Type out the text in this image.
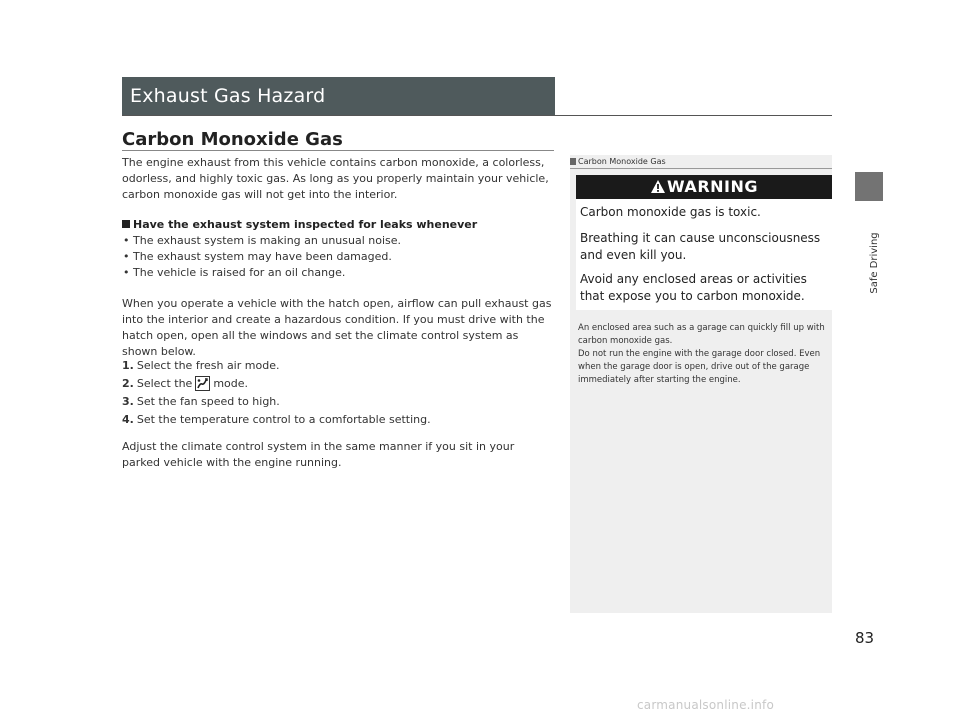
Exhaust Gas Hazard
Safe Driving
83
Carbon Monoxide Gas

The engine exhaust from this vehicle contains carbon monoxide, a colorless, odorless, and highly toxic gas. As long as you properly maintain your vehicle, carbon monoxide gas will not get into the interior.

Have the exhaust system inspected for leaks whenever

• The exhaust system is making an unusual noise.
• The exhaust system may have been damaged.
• The vehicle is raised for an oil change.

When you operate a vehicle with the hatch open, airflow can pull exhaust gas into the interior and create a hazardous condition. If you must drive with the hatch open, open all the windows and set the climate control system as shown below.

1. Select the fresh air mode.
2. Select the mode.
3. Set the fan speed to high.
4. Set the temperature control to a comfortable setting.

Adjust the climate control system in the same manner if you sit in your parked vehicle with the engine running.

Carbon Monoxide Gas
WARNING

Carbon monoxide gas is toxic.

Breathing it can cause unconsciousness and even kill you.

Avoid any enclosed areas or activities that expose you to carbon monoxide.

An enclosed area such as a garage can quickly fill up with carbon monoxide gas.

Do not run the engine with the garage door closed. Even when the garage door is open, drive out of the garage immediately after starting the engine.

carmanualsonline.info
